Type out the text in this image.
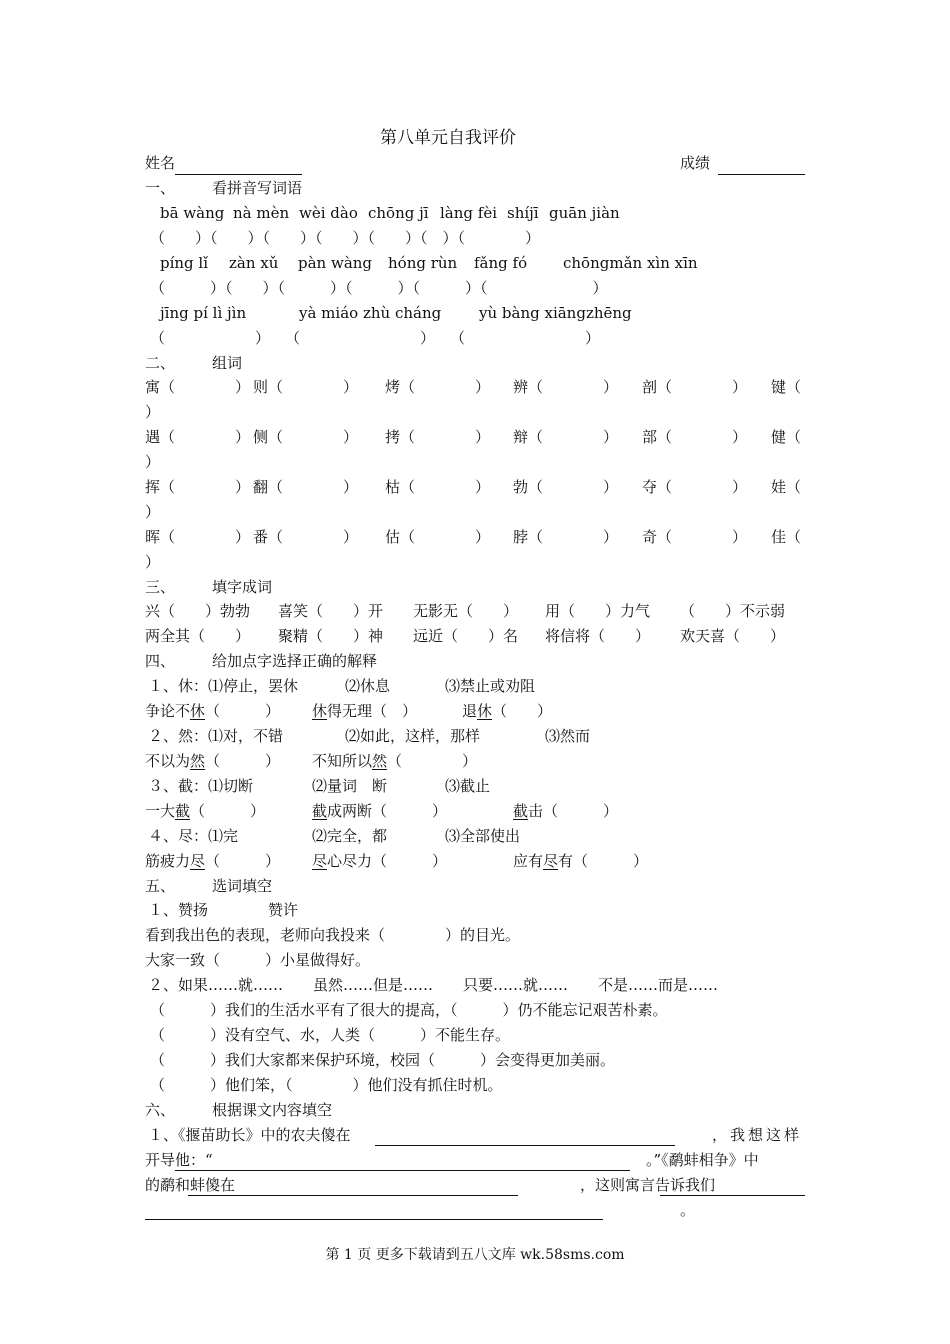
第八单元自我评价
姓名	成绩
一、 看拼音写词语
bā wàng nà mèn wèi dào chōng jī làng fèi shíjī guān jiàn
（　　）（　　）（　　）（　　）（　　）（　）（　　　　）
píng lǐ zàn xǔ pàn wàng hóng rùn fǎng fó chōngmǎn xìn xīn
（　　　）（　　）（　　　）（　　　）（　　　）（　　　　　　　）
jīng pí lì jìn	yà miáo zhù cháng	yù bàng xiāngzhēng
（　　　　　　）　　（　　　　　　　　）　　（　　　　　　　　）
二、 组词
寓（　　　　） 则（　　　　） 烤（　　　　） 辨（　　　　） 剖（　　　　） 键（
）
遇（　　　　） 侧（　　　　） 拷（　　　　） 辩（　　　　） 部（　　　　） 健（
）
挥（　　　　） 翻（　　　　） 枯（　　　　） 勃（　　　　） 夺（　　　　） 娃（
）
晖（　　　　） 番（　　　　） 估（　　　　） 脖（　　　　） 奇（　　　　） 佳（
）
三、 填字成词
兴（　　）勃勃 喜笑（　　）开 无影无（　　） 用（　　）力气 （　　）不示弱
两全其（　　） 聚精（　　）神 远近（　　）名 将信将（　　） 欢天喜（　　）
四、 给加点字选择正确的解释
１、休：⑴停止，罢休	⑵休息	⑶禁止或劝阻
争论不休（　　　） 休得无理（　）	退休（　　）
２、然：⑴对，不错	⑵如此，这样，那样	⑶然而
不以为然（　　　） 不知所以然（　　　　）
３、截：⑴切断	⑵量词　断	⑶截止
一大截（　　　）	截成两断（　　　）	截击（　　　）
４、尽：⑴完	⑵完全，都	⑶全部使出
筋疲力尽（　　　） 尽心尽力（　　　）	应有尽有（　　　）
五、 选词填空
１、赞扬　　　　赞许
看到我出色的表现，老师向我投来（　　　　）的目光。
大家一致（　　　）小星做得好。
２、如果……就……　　虽然……但是……　　只要……就……　　不是……而是……
（　　　）我们的生活水平有了很大的提高，（　　　）仍不能忘记艰苦朴素。
（　　　）没有空气、水，人类（　　　）不能生存。
（　　　）我们大家都来保护环境，校园（　　　）会变得更加美丽。
（　　　）他们笨，（　　　　）他们没有抓住时机。
六、 根据课文内容填空
１、《揠苗助长》中的农夫傻在	，我想这样
开导他：“	。”《鹬蚌相争》中
的鹬和蚌傻在	，这则寓言告诉我们
。
第 1 页 更多下载请到五八文库 wk.58sms.com
